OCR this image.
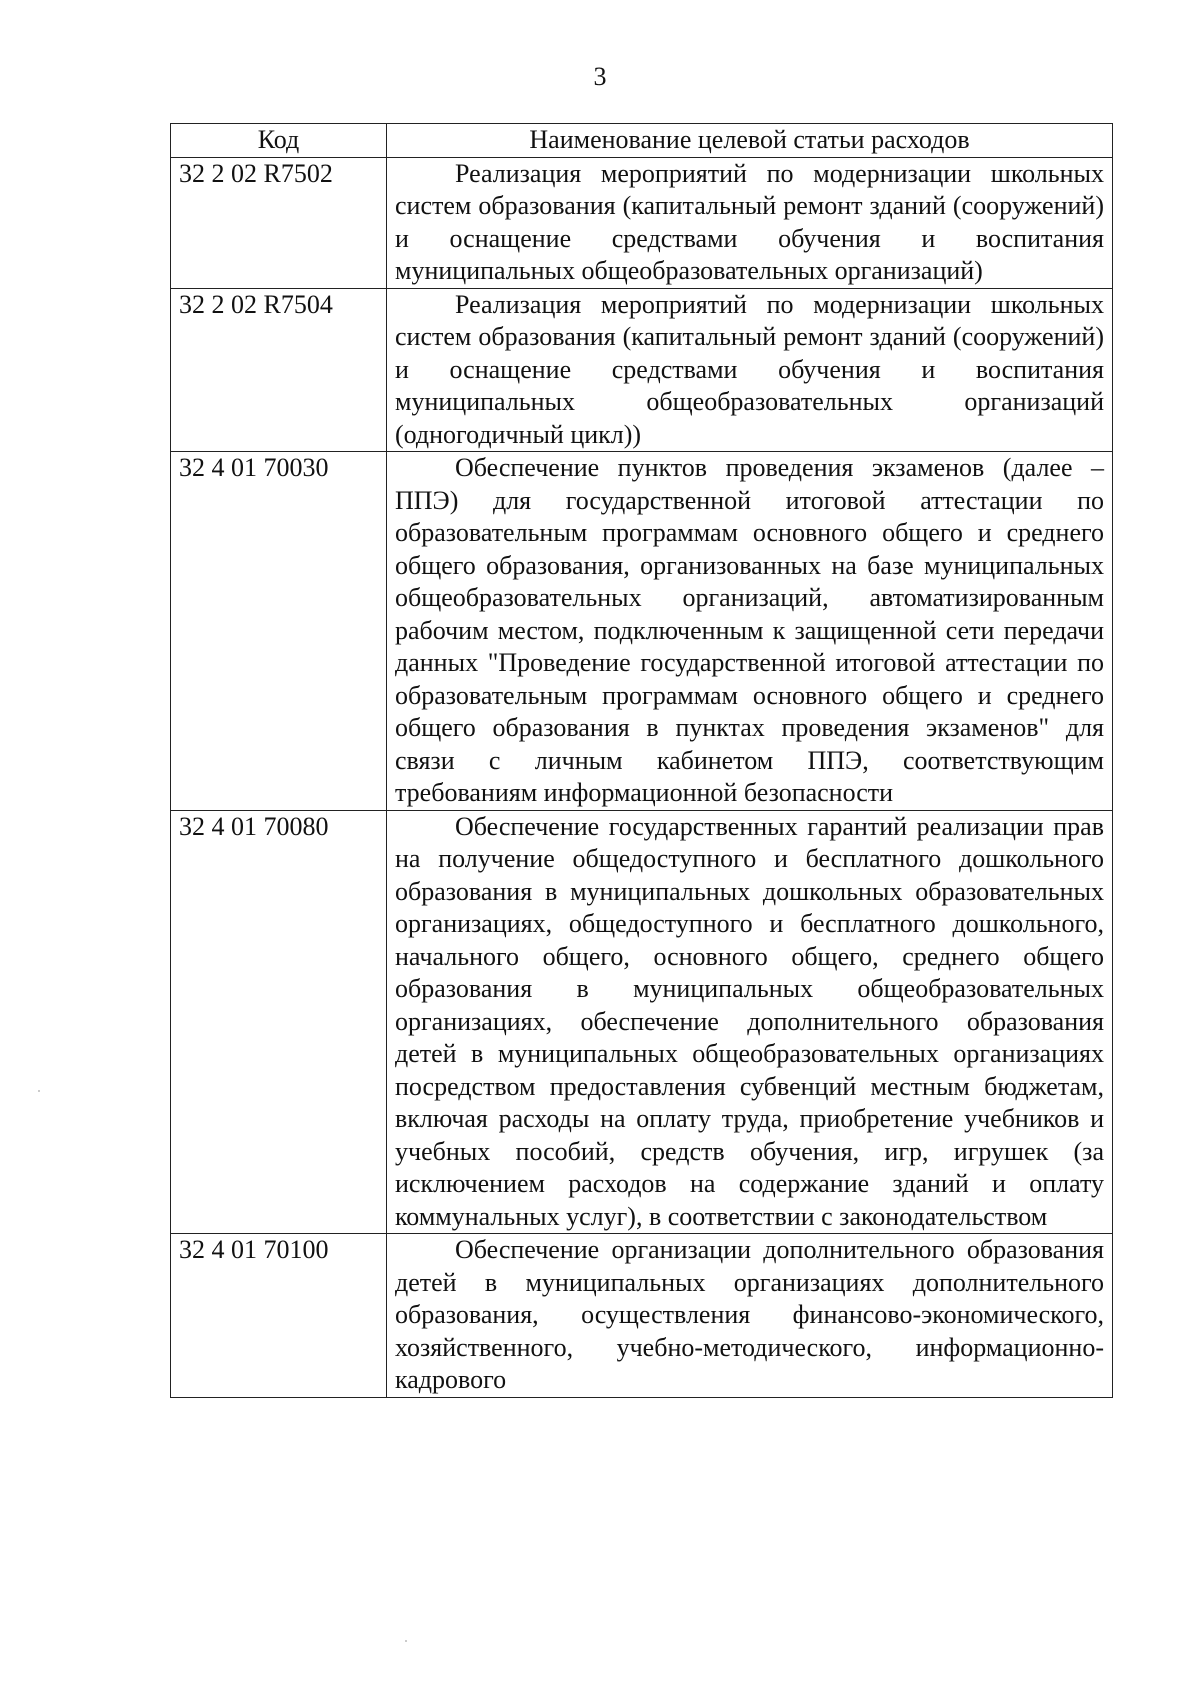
3
Код	Наименование целевой статьи расходов
32 2 02 R7502	Реализация мероприятий по модернизации школьных систем образования (капитальный ремонт зданий (сооружений) и оснащение средствами обучения и воспитания муниципальных общеобразовательных организаций)
32 2 02 R7504	Реализация мероприятий по модернизации школьных систем образования (капитальный ремонт зданий (сооружений) и оснащение средствами обучения и воспитания муниципальных общеобразовательных организаций (одногодичный цикл))
32 4 01 70030	Обеспечение пунктов проведения экзаменов (далее – ППЭ) для государственной итоговой аттестации по образовательным программам основного общего и среднего общего образования, организованных на базе муниципальных общеобразовательных организаций, автоматизированным рабочим местом, подключенным к защищенной сети передачи данных "Проведение государственной итоговой аттестации по образовательным программам основного общего и среднего общего образования в пунктах проведения экзаменов" для связи с личным кабинетом ППЭ, соответствующим требованиям информационной безопасности
32 4 01 70080	Обеспечение государственных гарантий реализации прав на получение общедоступного и бесплатного дошкольного образования в муниципальных дошкольных образовательных организациях, общедоступного и бесплатного дошкольного, начального общего, основного общего, среднего общего образования в муниципальных общеобразовательных организациях, обеспечение дополнительного образования детей в муниципальных общеобразовательных организациях посредством предоставления субвенций местным бюджетам, включая расходы на оплату труда, приобретение учебников и учебных пособий, средств обучения, игр, игрушек (за исключением расходов на содержание зданий и оплату коммунальных услуг), в соответствии с законодательством
32 4 01 70100	Обеспечение организации дополнительного образования детей в муниципальных организациях дополнительного образования, осуществления финансово-экономического, хозяйственного, учебно-методического, информационно-кадрового
